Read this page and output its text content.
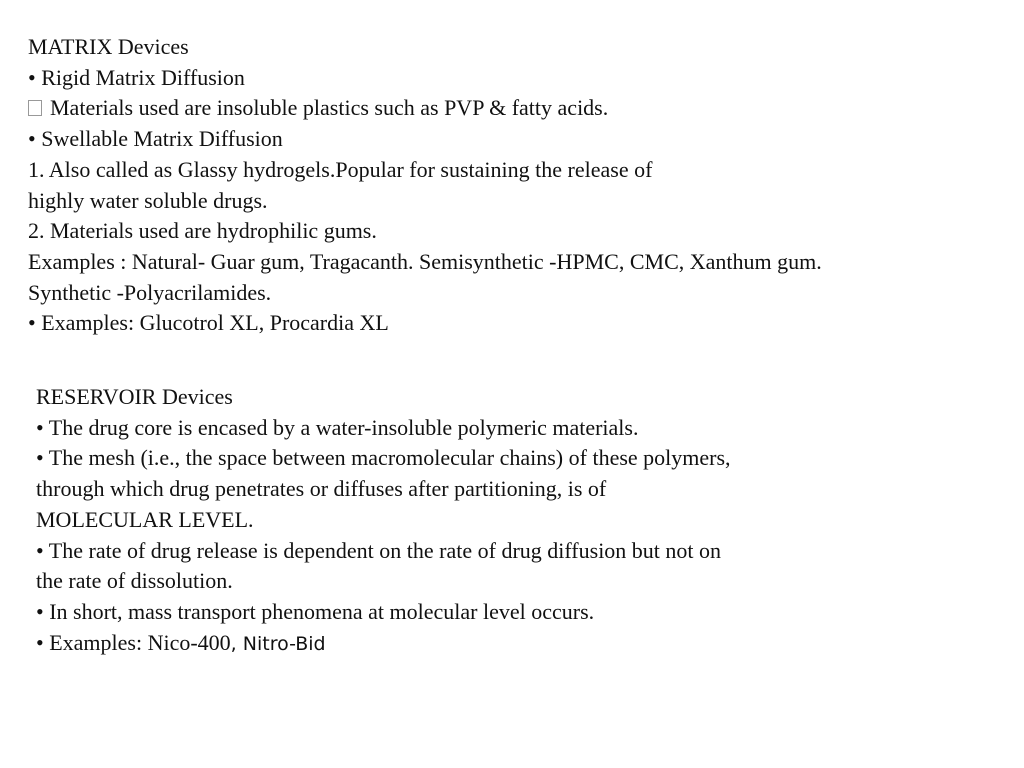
MATRIX Devices
• Rigid Matrix Diffusion
Materials used are insoluble plastics such as PVP & fatty acids.
• Swellable Matrix Diffusion
1. Also called as Glassy hydrogels.Popular for sustaining the release of
highly water soluble drugs.
2. Materials used are hydrophilic gums.
Examples : Natural- Guar gum, Tragacanth. Semisynthetic -HPMC, CMC, Xanthum gum.
Synthetic -Polyacrilamides.
• Examples: Glucotrol XL, Procardia XL
RESERVOIR Devices
• The drug core is encased by a water-insoluble polymeric materials.
• The mesh (i.e., the space between macromolecular chains) of these polymers,
through which drug penetrates or diffuses after partitioning, is of
MOLECULAR LEVEL.
• The rate of drug release is dependent on the rate of drug diffusion but not on
the rate of dissolution.
• In short, mass transport phenomena at molecular level occurs.
• Examples: Nico-400, Nitro-Bid
